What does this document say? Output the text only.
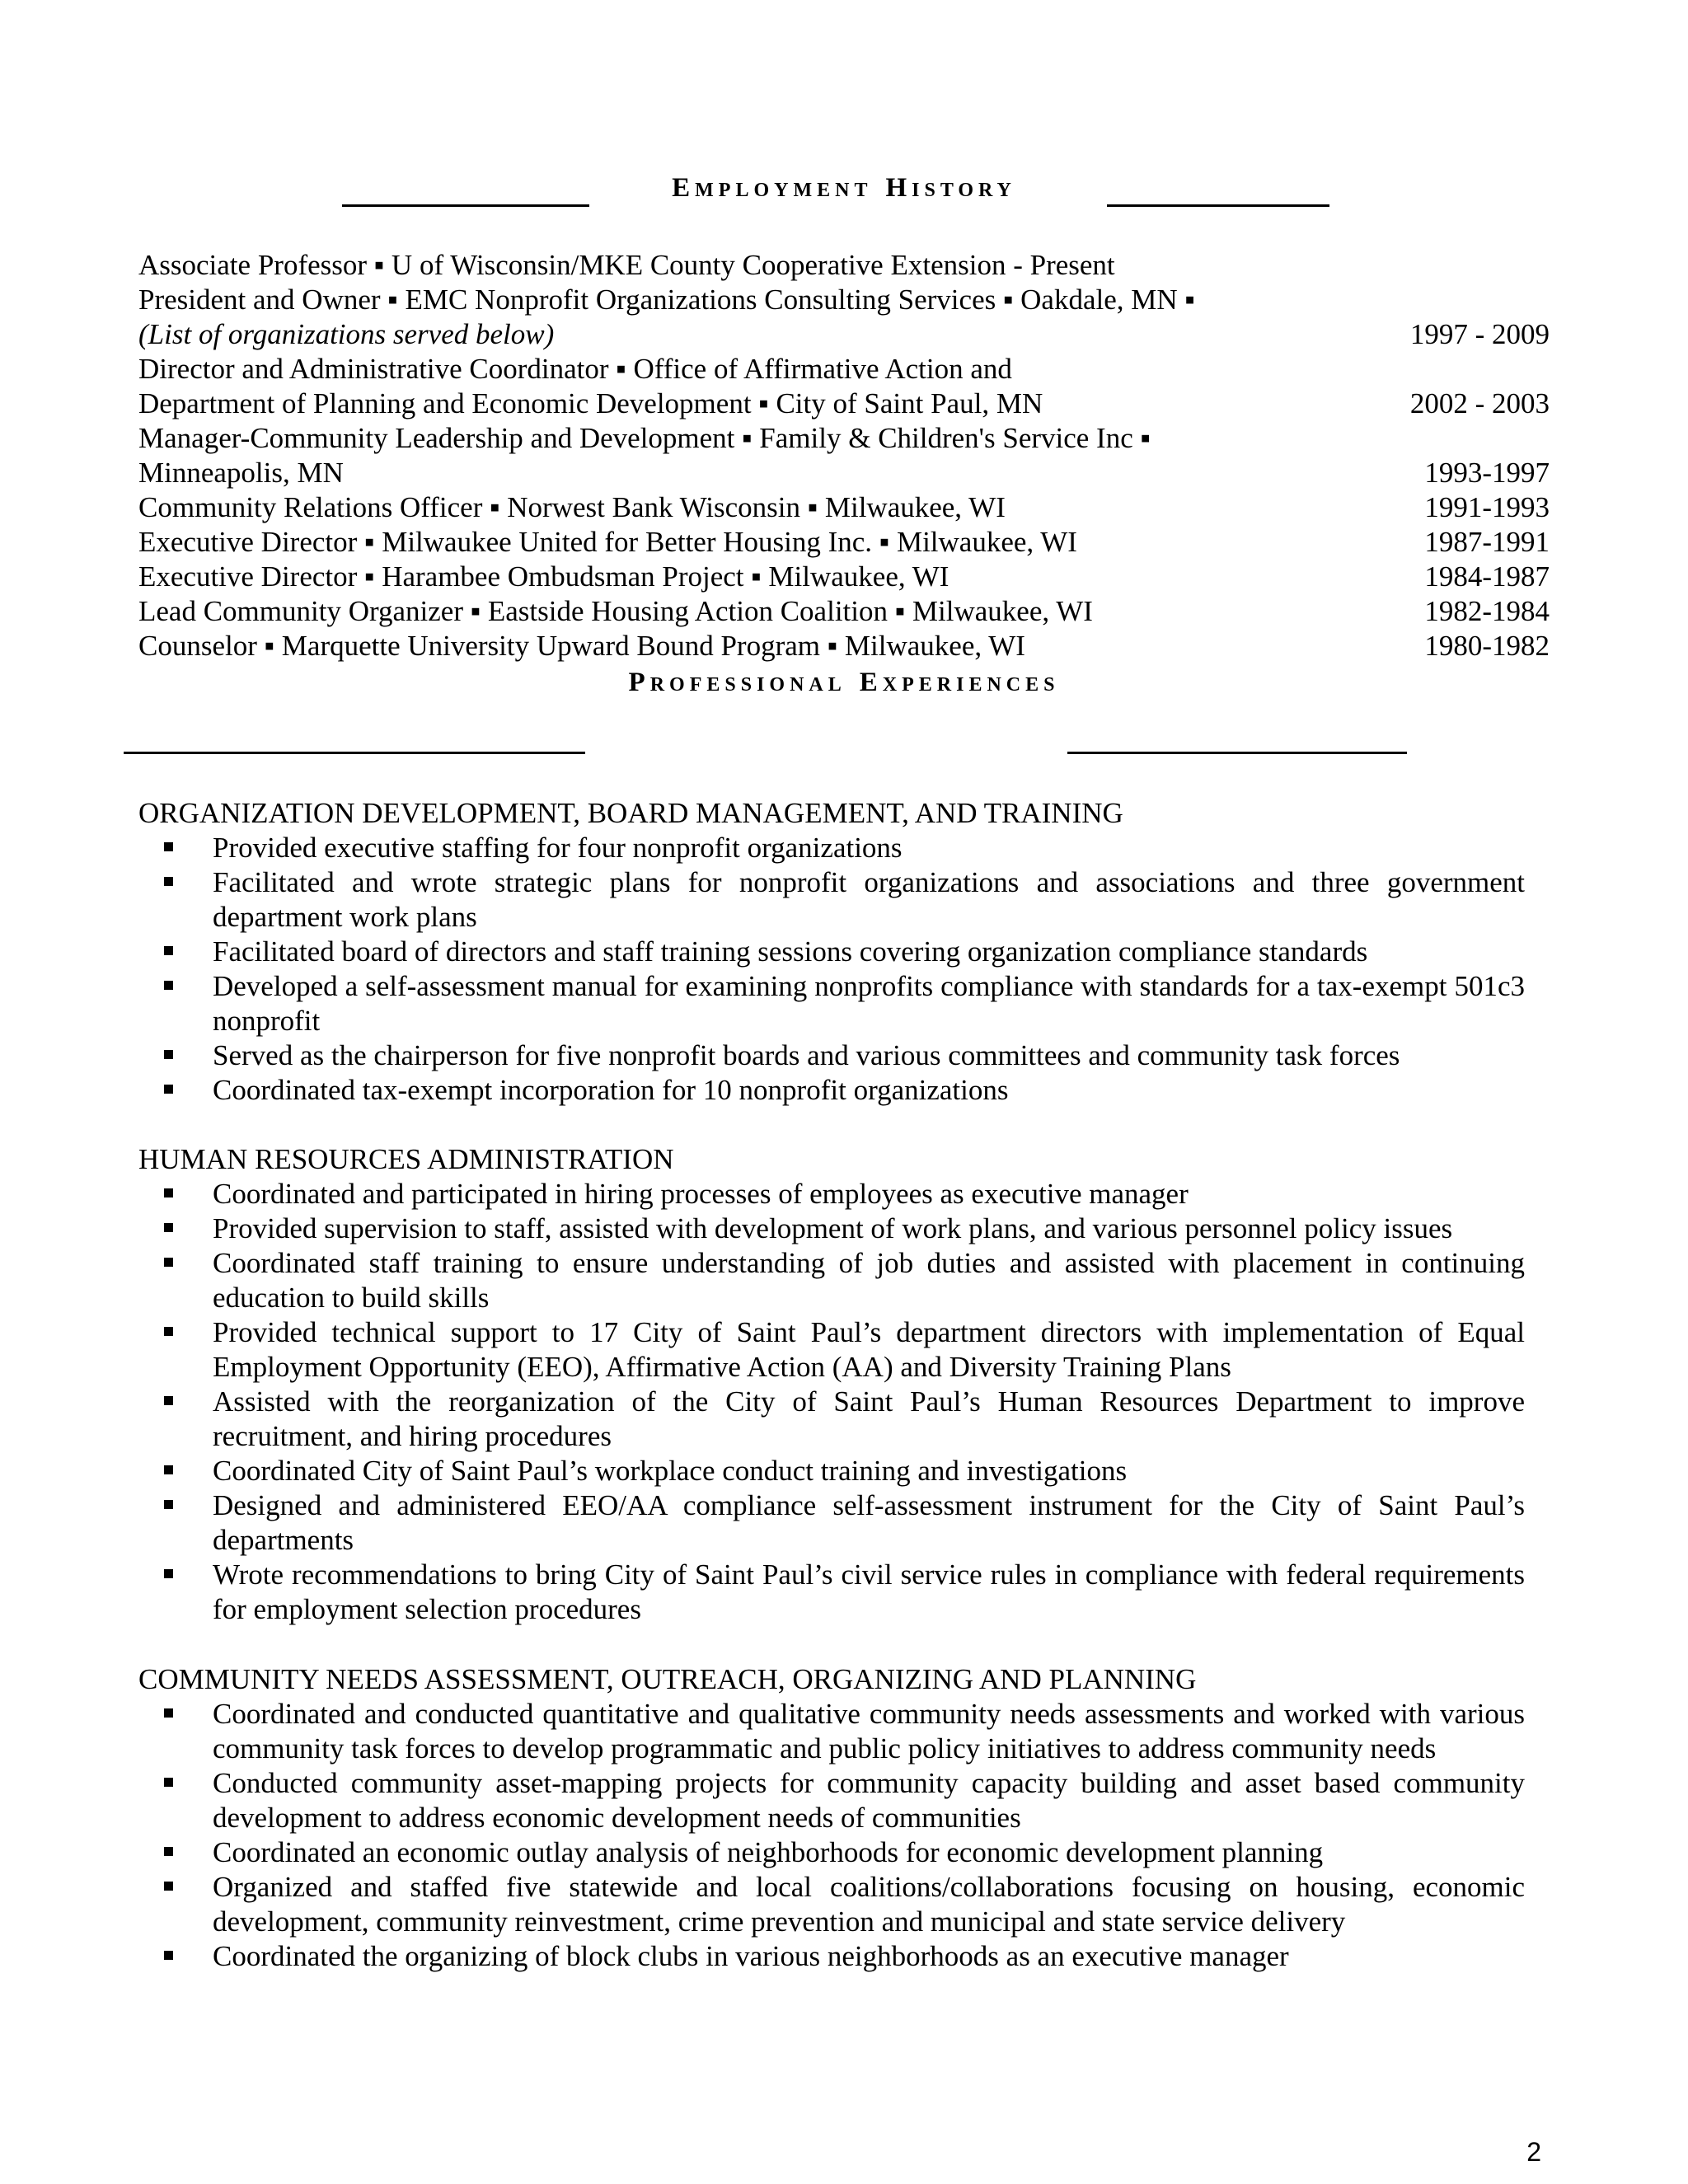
EMPLOYMENT HISTORY
Associate Professor ▪ U of Wisconsin/MKE County Cooperative Extension - Present
President and Owner ▪ EMC Nonprofit Organizations Consulting Services ▪ Oakdale, MN ▪
(List of organizations served below)	1997 - 2009
Director and Administrative Coordinator ▪ Office of Affirmative Action and
Department of Planning and Economic Development ▪ City of Saint Paul, MN	2002 - 2003
Manager-Community Leadership and Development ▪ Family & Children's Service Inc ▪
Minneapolis, MN	1993-1997
Community Relations Officer ▪ Norwest Bank Wisconsin ▪ Milwaukee, WI	1991-1993
Executive Director ▪ Milwaukee United for Better Housing Inc. ▪ Milwaukee, WI	1987-1991
Executive Director ▪ Harambee Ombudsman Project ▪ Milwaukee, WI	1984-1987
Lead Community Organizer ▪ Eastside Housing Action Coalition ▪ Milwaukee, WI	1982-1984
Counselor ▪ Marquette University Upward Bound Program ▪ Milwaukee, WI	1980-1982
PROFESSIONAL EXPERIENCES
ORGANIZATION DEVELOPMENT, BOARD MANAGEMENT, AND TRAINING
Provided executive staffing for four nonprofit organizations
Facilitated and wrote strategic plans for nonprofit organizations and associations and three government department work plans
Facilitated board of directors and staff training sessions covering organization compliance standards
Developed a self-assessment manual for examining nonprofits compliance with standards for a tax-exempt 501c3 nonprofit
Served as the chairperson for five nonprofit boards and various committees and community task forces
Coordinated tax-exempt incorporation for 10 nonprofit organizations
HUMAN RESOURCES ADMINISTRATION
Coordinated and participated in hiring processes of employees as executive manager
Provided supervision to staff, assisted with development of work plans, and various personnel policy issues
Coordinated staff training to ensure understanding of job duties and assisted with placement in continuing education to build skills
Provided technical support to 17 City of Saint Paul’s department directors with implementation of Equal Employment Opportunity (EEO), Affirmative Action (AA) and Diversity Training Plans
Assisted with the reorganization of the City of Saint Paul’s Human Resources Department to improve recruitment, and hiring procedures
Coordinated City of Saint Paul’s workplace conduct training and investigations
Designed and administered EEO/AA compliance self-assessment instrument for the City of Saint Paul’s departments
Wrote recommendations to bring City of Saint Paul’s civil service rules in compliance with federal requirements for employment selection procedures
COMMUNITY NEEDS ASSESSMENT, OUTREACH, ORGANIZING AND PLANNING
Coordinated and conducted quantitative and qualitative community needs assessments and worked with various community task forces to develop programmatic and public policy initiatives to address community needs
Conducted community asset-mapping projects for community capacity building and asset based community development to address economic development needs of communities
Coordinated an economic outlay analysis of neighborhoods for economic development planning
Organized and staffed five statewide and local coalitions/collaborations focusing on housing, economic development, community reinvestment, crime prevention and municipal and state service delivery
Coordinated the organizing of block clubs in various neighborhoods as an executive manager
2
